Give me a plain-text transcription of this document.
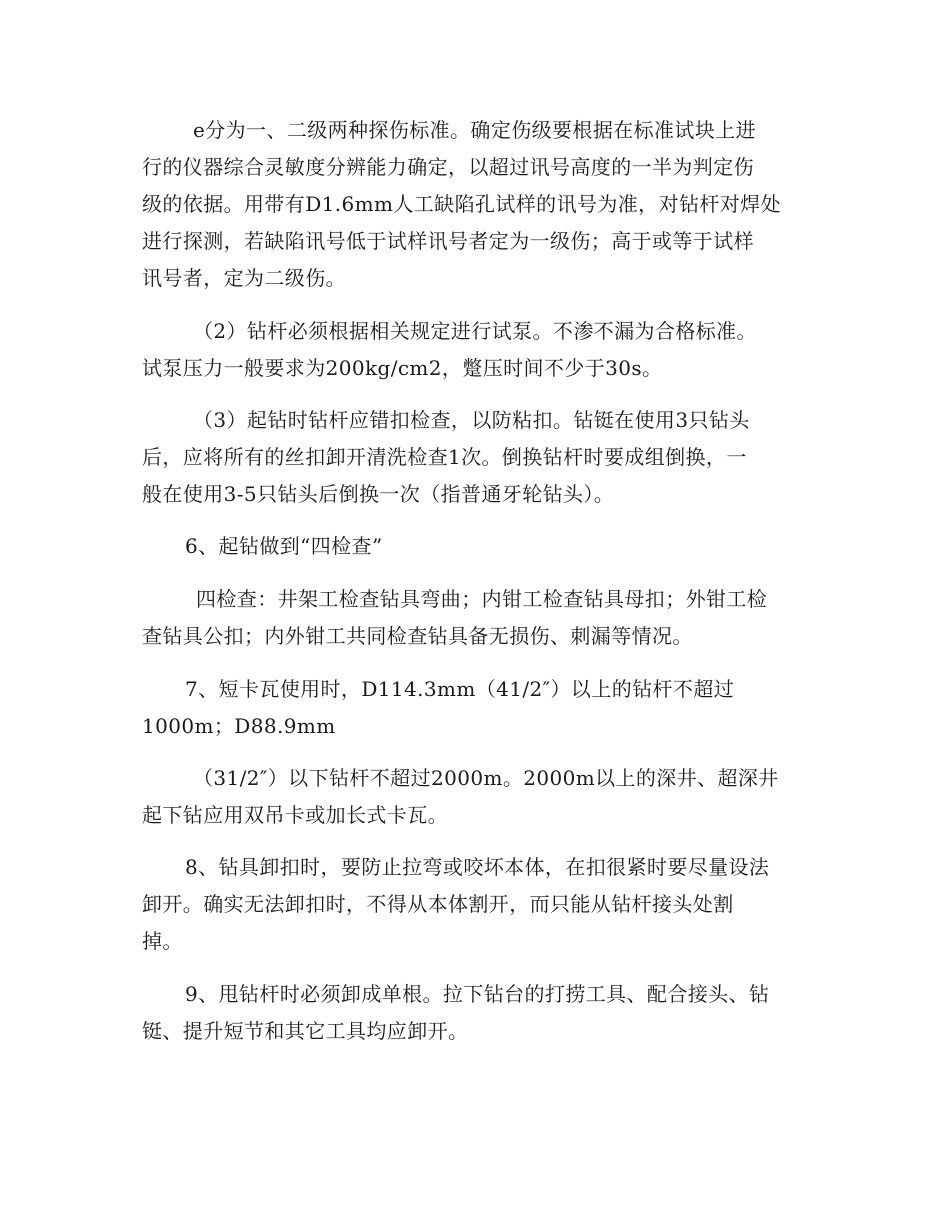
e分为一、二级两种探伤标准。确定伤级要根据在标准试块上进
行的仪器综合灵敏度分辨能力确定，以超过讯号高度的一半为判定伤
级的依据。用带有D1.6mm人工缺陷孔试样的讯号为准，对钻杆对焊处
进行探测，若缺陷讯号低于试样讯号者定为一级伤；高于或等于试样
讯号者，定为二级伤。
（2）钻杆必须根据相关规定进行试泵。不渗不漏为合格标准。
试泵压力一般要求为200kg/cm2，蹩压时间不少于30s。
（3）起钻时钻杆应错扣检查，以防粘扣。钻铤在使用3只钻头
后，应将所有的丝扣卸开清洗检查1次。倒换钻杆时要成组倒换，一
般在使用3-5只钻头后倒换一次（指普通牙轮钻头）。
6、起钻做到“四检查”
四检查：井架工检查钻具弯曲；内钳工检查钻具母扣；外钳工检
查钻具公扣；内外钳工共同检查钻具备无损伤、刺漏等情况。
7、短卡瓦使用时，D114.3mm（41/2″）以上的钻杆不超过
1000m；D88.9mm
（31/2″）以下钻杆不超过2000m。2000m以上的深井、超深井
起下钻应用双吊卡或加长式卡瓦。
8、钻具卸扣时，要防止拉弯或咬坏本体，在扣很紧时要尽量设法
卸开。确实无法卸扣时，不得从本体割开，而只能从钻杆接头处割
掉。
9、甩钻杆时必须卸成单根。拉下钻台的打捞工具、配合接头、钻
铤、提升短节和其它工具均应卸开。
